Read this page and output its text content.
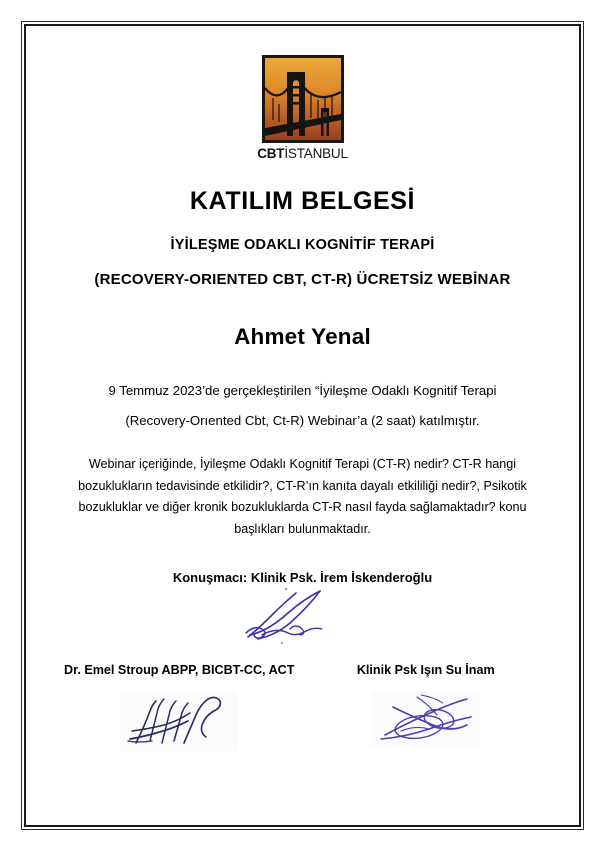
CBTİSTANBUL
KATILIM BELGESİ
İYİLEŞME ODAKLI KOGNİTİF TERAPİ
(RECOVERY-ORIENTED CBT, CT-R) ÜCRETSİZ WEBİNAR
Ahmet Yenal
9 Temmuz 2023’de gerçekleştirilen “İyileşme Odaklı Kognitif Terapi
(Recovery-Orıented Cbt, Ct-R) Webinar’a (2 saat) katılmıştır.
Webinar içeriğinde, İyileşme Odaklı Kognitif Terapi (CT-R) nedir? CT-R hangi bozuklukların tedavisinde etkilidir?, CT-R’ın kanıta dayalı etkililiği nedir?, Psikotik bozukluklar ve diğer kronik bozukluklarda CT-R nasıl fayda sağlamaktadır? konu başlıkları bulunmaktadır.
Konuşmacı: Klinik Psk. İrem İskenderoğlu
Dr. Emel Stroup ABPP, BICBT-CC, ACT	Klinik Psk Işın Su İnam
